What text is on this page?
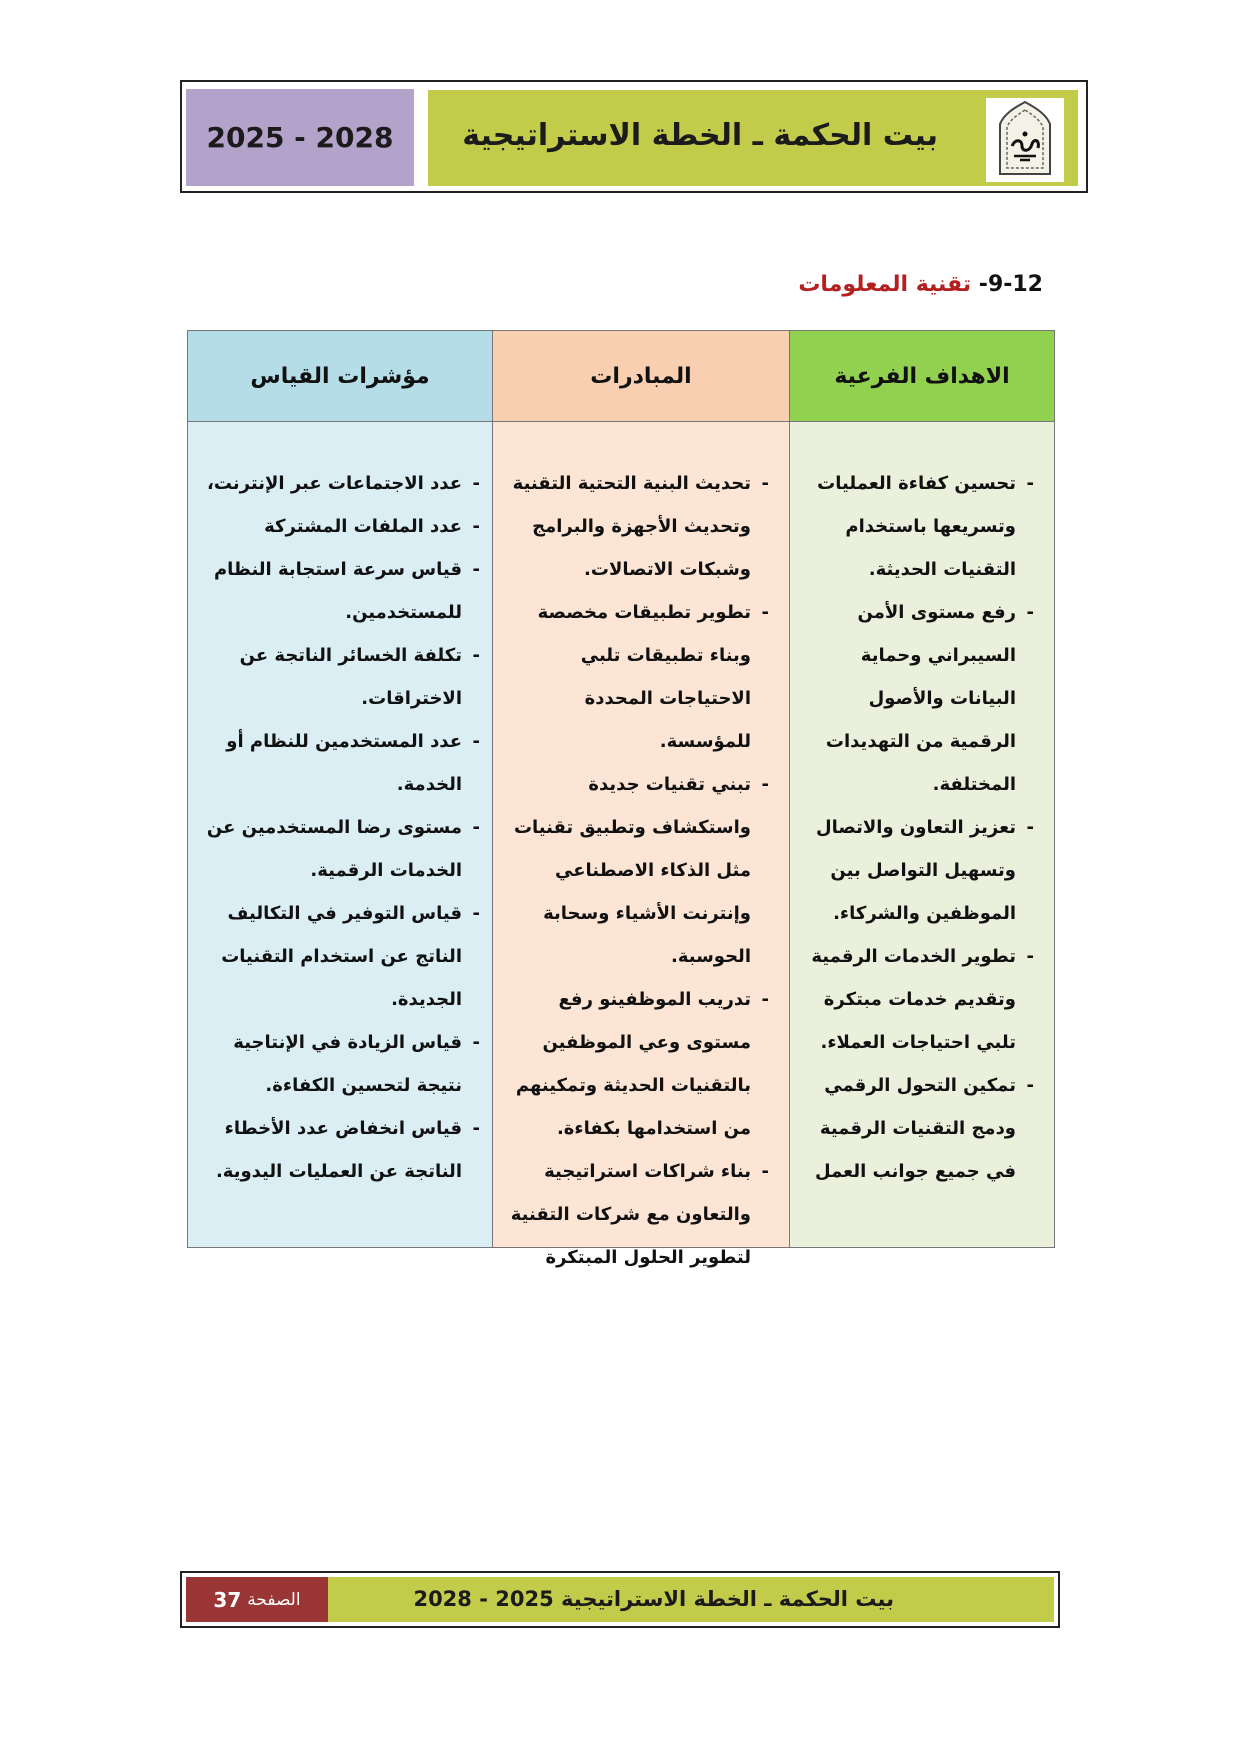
2025 - 2028 بيت الحكمة ـ الخطة الاستراتيجية
9-12- تقنية المعلومات
الاهداف الفرعية
- تحسين كفاءة العمليات وتسريعها باستخدام التقنيات الحديثة.
- رفع مستوى الأمن السيبراني وحماية البيانات والأصول الرقمية من التهديدات المختلفة.
- تعزيز التعاون والاتصال وتسهيل التواصل بين الموظفين والشركاء.
- تطوير الخدمات الرقمية وتقديم خدمات مبتكرة تلبي احتياجات العملاء.
- تمكين التحول الرقمي ودمج التقنيات الرقمية في جميع جوانب العمل
المبادرات
- تحديث البنية التحتية التقنية وتحديث الأجهزة والبرامج وشبكات الاتصالات.
- تطوير تطبيقات مخصصة وبناء تطبيقات تلبي الاحتياجات المحددة للمؤسسة.
- تبني تقنيات جديدة واستكشاف وتطبيق تقنيات مثل الذكاء الاصطناعي وإنترنت الأشياء وسحابة الحوسبة.
- تدريب الموظفينو رفع مستوى وعي الموظفين بالتقنيات الحديثة وتمكينهم من استخدامها بكفاءة.
- بناء شراكات استراتيجية والتعاون مع شركات التقنية لتطوير الحلول المبتكرة
مؤشرات القياس
- عدد الاجتماعات عبر الإنترنت،
- عدد الملفات المشتركة
- قياس سرعة استجابة النظام للمستخدمين.
- تكلفة الخسائر الناتجة عن الاختراقات.
- عدد المستخدمين للنظام أو الخدمة.
- مستوى رضا المستخدمين عن الخدمات الرقمية.
- قياس التوفير في التكاليف الناتج عن استخدام التقنيات الجديدة.
- قياس الزيادة في الإنتاجية نتيجة لتحسين الكفاءة.
- قياس انخفاض عدد الأخطاء الناتجة عن العمليات اليدوية.
الصفحة
37	بيت الحكمة ـ الخطة الاستراتيجية 2025 - 2028
